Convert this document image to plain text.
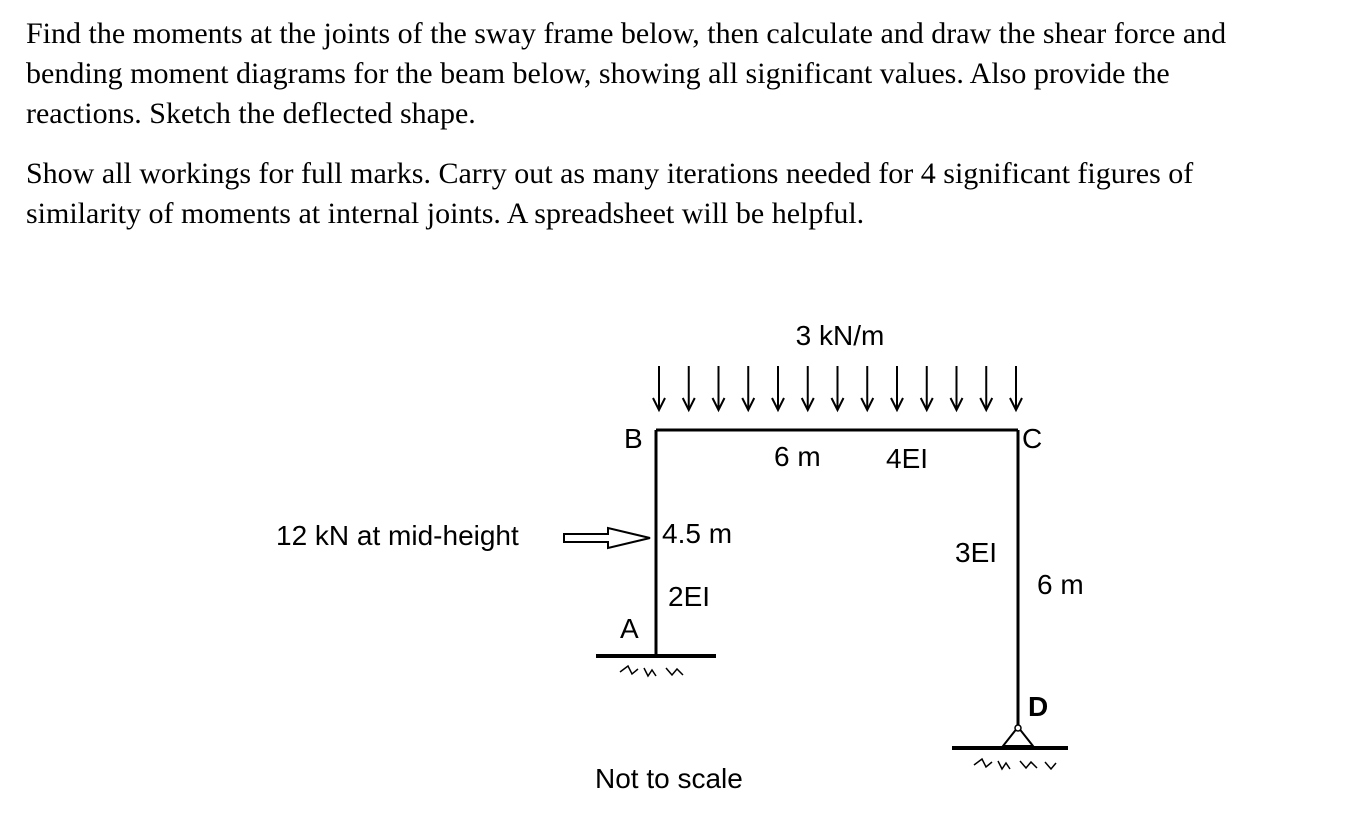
Find the moments at the joints of the sway frame below, then calculate and draw the shear force and
bending moment diagrams for the beam below, showing all significant values. Also provide the
reactions. Sketch the deflected shape.
Show all workings for full marks. Carry out as many iterations needed for 4 significant figures of
similarity of moments at internal joints. A spreadsheet will be helpful.
3 kN/m
B	C
A
D
6 m 4EI
4.5 m
2EI
3EI
6 m
12 kN at mid-height
Not to scale
